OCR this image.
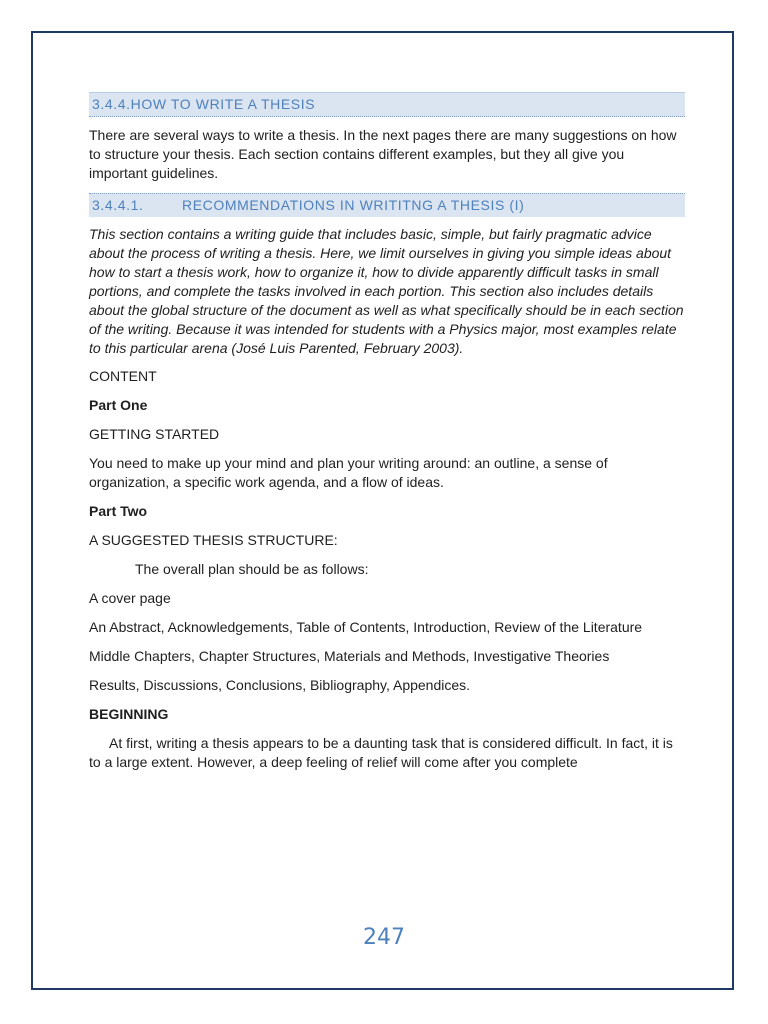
3.4.4.HOW TO WRITE A THESIS

There are several ways to write a thesis. In the next pages there are many suggestions on how to structure your thesis. Each section contains different examples, but they all give you important guidelines.

3.4.4.1.	RECOMMENDATIONS IN WRITITNG A THESIS (I)

This section contains a writing guide that includes basic, simple, but fairly pragmatic advice about the process of writing a thesis. Here, we limit ourselves in giving you simple ideas about how to start a thesis work, how to organize it, how to divide apparently difficult tasks in small portions, and complete the tasks involved in each portion. This section also includes details about the global structure of the document as well as what specifically should be in each section of the writing. Because it was intended for students with a Physics major, most examples relate to this particular arena (José Luis Parented, February 2003).

CONTENT

Part One

GETTING STARTED

You need to make up your mind and plan your writing around: an outline, a sense of organization, a specific work agenda, and a flow of ideas.

Part Two

A SUGGESTED THESIS STRUCTURE:

The overall plan should be as follows:

A cover page

An Abstract, Acknowledgements, Table of Contents, Introduction, Review of the Literature

Middle Chapters, Chapter Structures, Materials and Methods, Investigative Theories

Results, Discussions, Conclusions, Bibliography, Appendices.

BEGINNING

At first, writing a thesis appears to be a daunting task that is considered difficult. In fact, it is to a large extent. However, a deep feeling of relief will come after you complete

247
